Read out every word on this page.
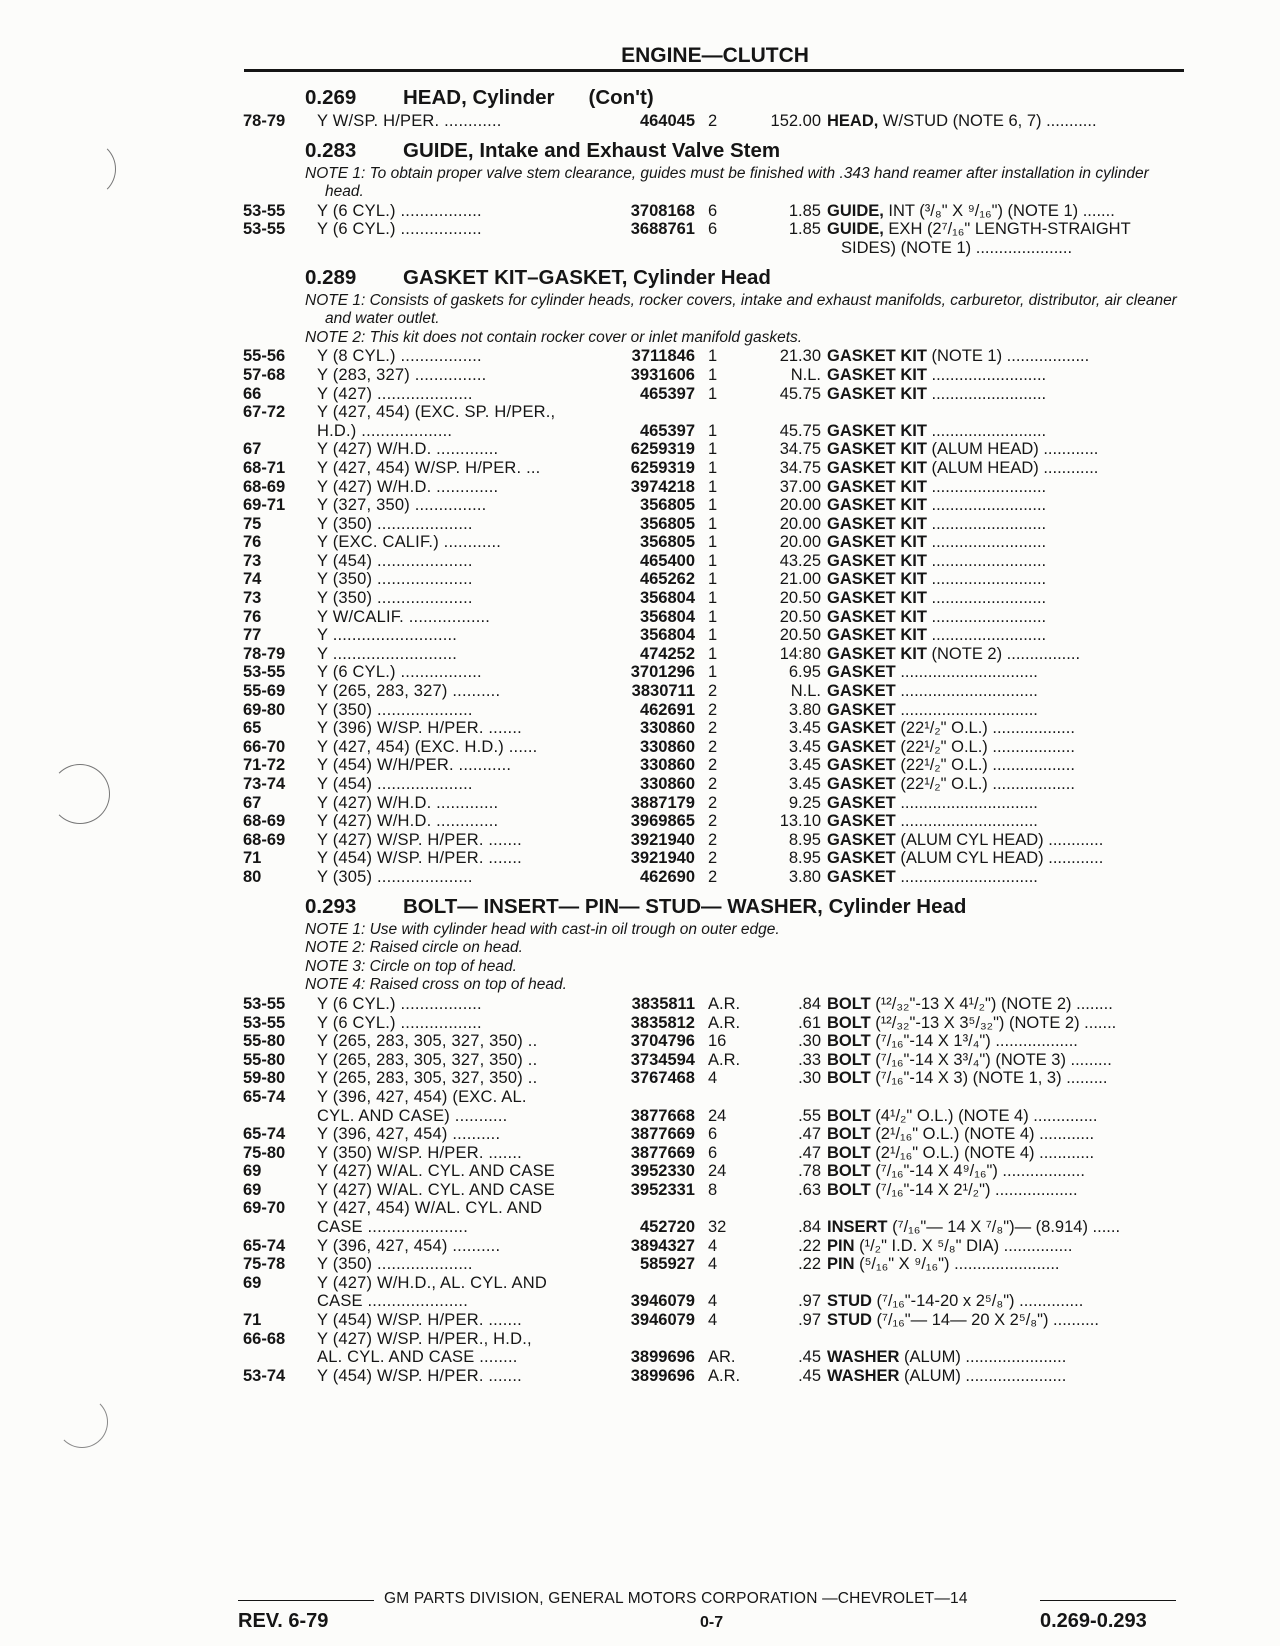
ENGINE—CLUTCH
0.269 HEAD, Cylinder (Con't)
78-79	Y W/SP. H/PER. ............	464045 2	152.00 HEAD, W/STUD (NOTE 6, 7) ...........
0.283 GUIDE, Intake and Exhaust Valve Stem
NOTE 1: To obtain proper valve stem clearance, guides must be finished with .343 hand reamer after installation in cylinder head.
53-55	Y (6 CYL.) .................	3708168 6	1.85 GUIDE, INT (³/₈" X ⁹/₁₆") (NOTE 1) .......
53-55	Y (6 CYL.) .................	3688761 6	1.85 GUIDE, EXH (2⁷/₁₆" LENGTH-STRAIGHT
SIDES) (NOTE 1) .....................
0.289 GASKET KIT–GASKET, Cylinder Head
NOTE 1: Consists of gaskets for cylinder heads, rocker covers, intake and exhaust manifolds, carburetor, distributor, air cleaner and water outlet.
NOTE 2: This kit does not contain rocker cover or inlet manifold gaskets.
55-56	Y (8 CYL.) .................	3711846 1	21.30 GASKET KIT (NOTE 1) ..................
57-68	Y (283, 327) ...............	3931606 1	N.L. GASKET KIT .........................
66	Y (427) ....................	465397 1	45.75 GASKET KIT .........................
67-72	Y (427, 454) (EXC. SP. H/PER.,
H.D.) ...................	465397 1	45.75 GASKET KIT .........................
67	Y (427) W/H.D. .............	6259319 1	34.75 GASKET KIT (ALUM HEAD) ............
68-71	Y (427, 454) W/SP. H/PER. ...	6259319 1	34.75 GASKET KIT (ALUM HEAD) ............
68-69	Y (427) W/H.D. .............	3974218 1	37.00 GASKET KIT .........................
69-71	Y (327, 350) ...............	356805 1	20.00 GASKET KIT .........................
75	Y (350) ....................	356805 1	20.00 GASKET KIT .........................
76	Y (EXC. CALIF.) ............	356805 1	20.00 GASKET KIT .........................
73	Y (454) ....................	465400 1	43.25 GASKET KIT .........................
74	Y (350) ....................	465262 1	21.00 GASKET KIT .........................
73	Y (350) ....................	356804 1	20.50 GASKET KIT .........................
76	Y W/CALIF. .................	356804 1	20.50 GASKET KIT .........................
77	Y ..........................	356804 1	20.50 GASKET KIT .........................
78-79	Y ..........................	474252 1	14:80 GASKET KIT (NOTE 2) ................
53-55	Y (6 CYL.) .................	3701296 1	6.95 GASKET ..............................
55-69	Y (265, 283, 327) ..........	3830711 2	N.L. GASKET ..............................
69-80	Y (350) ....................	462691 2	3.80 GASKET ..............................
65	Y (396) W/SP. H/PER. .......	330860 2	3.45 GASKET (22¹/₂" O.L.) ..................
66-70	Y (427, 454) (EXC. H.D.) ......	330860 2	3.45 GASKET (22¹/₂" O.L.) ..................
71-72	Y (454) W/H/PER. ...........	330860 2	3.45 GASKET (22¹/₂" O.L.) ..................
73-74	Y (454) ....................	330860 2	3.45 GASKET (22¹/₂" O.L.) ..................
67	Y (427) W/H.D. .............	3887179 2	9.25 GASKET ..............................
68-69	Y (427) W/H.D. .............	3969865 2	13.10 GASKET ..............................
68-69	Y (427) W/SP. H/PER. .......	3921940 2	8.95 GASKET (ALUM CYL HEAD) ............
71	Y (454) W/SP. H/PER. .......	3921940 2	8.95 GASKET (ALUM CYL HEAD) ............
80	Y (305) ....................	462690 2	3.80 GASKET ..............................
0.293 BOLT— INSERT— PIN— STUD— WASHER, Cylinder Head
NOTE 1: Use with cylinder head with cast-in oil trough on outer edge.
NOTE 2: Raised circle on head.
NOTE 3: Circle on top of head.
NOTE 4: Raised cross on top of head.
53-55	Y (6 CYL.) .................	3835811 A.R.	.84 BOLT (¹²/₃₂"-13 X 4¹/₂") (NOTE 2) ........
53-55	Y (6 CYL.) .................	3835812 A.R.	.61 BOLT (¹²/₃₂"-13 X 3⁵/₃₂") (NOTE 2) .......
55-80	Y (265, 283, 305, 327, 350) ..	3704796 16	.30 BOLT (⁷/₁₆"-14 X 1³/₄") ..................
55-80	Y (265, 283, 305, 327, 350) ..	3734594 A.R.	.33 BOLT (⁷/₁₆"-14 X 3³/₄") (NOTE 3) .........
59-80	Y (265, 283, 305, 327, 350) ..	3767468 4	.30 BOLT (⁷/₁₆"-14 X 3) (NOTE 1, 3) .........
65-74	Y (396, 427, 454) (EXC. AL.
CYL. AND CASE) ...........	3877668 24	.55 BOLT (4¹/₂" O.L.) (NOTE 4) ..............
65-74	Y (396, 427, 454) ..........	3877669 6	.47 BOLT (2¹/₁₆" O.L.) (NOTE 4) ............
75-80	Y (350) W/SP. H/PER. .......	3877669 6	.47 BOLT (2¹/₁₆" O.L.) (NOTE 4) ............
69	Y (427) W/AL. CYL. AND CASE	3952330 24	.78 BOLT (⁷/₁₆"-14 X 4⁹/₁₆") ..................
69	Y (427) W/AL. CYL. AND CASE	3952331 8	.63 BOLT (⁷/₁₆"-14 X 2¹/₂") ..................
69-70	Y (427, 454) W/AL. CYL. AND
CASE .....................	452720 32	.84 INSERT (⁷/₁₆"— 14 X ⁷/₈")— (8.914) ......
65-74	Y (396, 427, 454) ..........	3894327 4	.22 PIN (¹/₂" I.D. X ⁵/₈" DIA) ...............
75-78	Y (350) ....................	585927 4	.22 PIN (⁵/₁₆" X ⁹/₁₆") .......................
69	Y (427) W/H.D., AL. CYL. AND
CASE .....................	3946079 4	.97 STUD (⁷/₁₆"-14-20 x 2⁵/₈") ..............
71	Y (454) W/SP. H/PER. .......	3946079 4	.97 STUD (⁷/₁₆"— 14— 20 X 2⁵/₈") ..........
66-68	Y (427) W/SP. H/PER., H.D.,
AL. CYL. AND CASE ........	3899696 AR.	.45 WASHER (ALUM) ......................
53-74	Y (454) W/SP. H/PER. .......	3899696 A.R.	.45 WASHER (ALUM) ......................
GM PARTS DIVISION, GENERAL MOTORS CORPORATION —CHEVROLET—14
REV. 6-79	0-7	0.269-0.293
